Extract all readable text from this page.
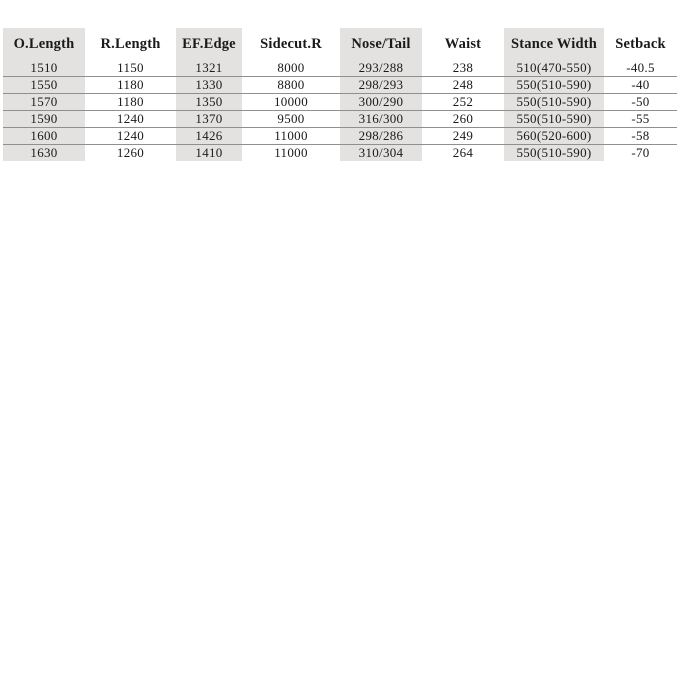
O.Length	R.Length	EF.Edge	Sidecut.R	Nose/Tail	Waist	Stance Width	Setback
1510	1150	1321	8000	293/288	238	510(470-550)	-40.5
1550	1180	1330	8800	298/293	248	550(510-590)	-40
1570	1180	1350	10000	300/290	252	550(510-590)	-50
1590	1240	1370	9500	316/300	260	550(510-590)	-55
1600	1240	1426	11000	298/286	249	560(520-600)	-58
1630	1260	1410	11000	310/304	264	550(510-590)	-70
